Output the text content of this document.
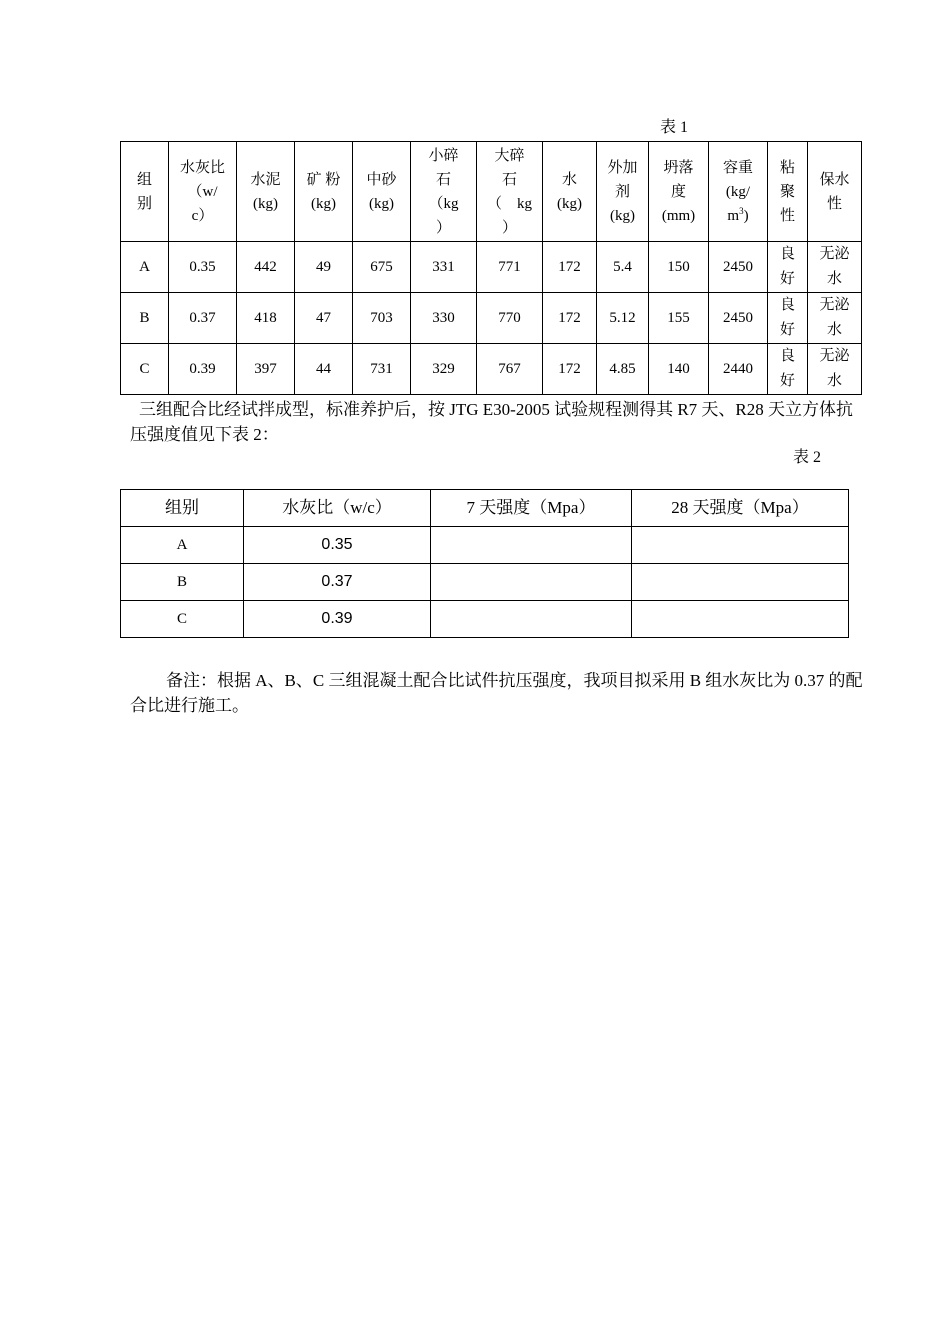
表 1
组
别	水灰比
（w/
c）	水泥
(kg)	矿 粉
(kg)	中砂
(kg)	小碎
石
（kg
）	大碎
石
（    kg
）	水
(kg)	外加
剂
(kg)	坍落
度
(mm)	容重
(kg/
$m^3$)	粘
聚
性	保水
性
A	0.35	442	49	675	331	771	172	5.4	150	2450	良
好	无泌
水
B	0.37	418	47	703	330	770	172	5.12	155	2450	良
好	无泌
水
C	0.39	397	44	731	329	767	172	4.85	140	2440	良
好	无泌
水
三组配合比经试拌成型，标准养护后，按 JTG E30-2005 试验规程测得其 R7 天、R28 天立方体抗压强度值见下表 2：
表 2
组别	水灰比（w/c）	7 天强度（Mpa）	28 天强度（Mpa）
A	0.35		
B	0.37		
C	0.39		
备注：根据 A、B、C 三组混凝土配合比试件抗压强度，我项目拟采用 B 组水灰比为 0.37 的配合比进行施工。
